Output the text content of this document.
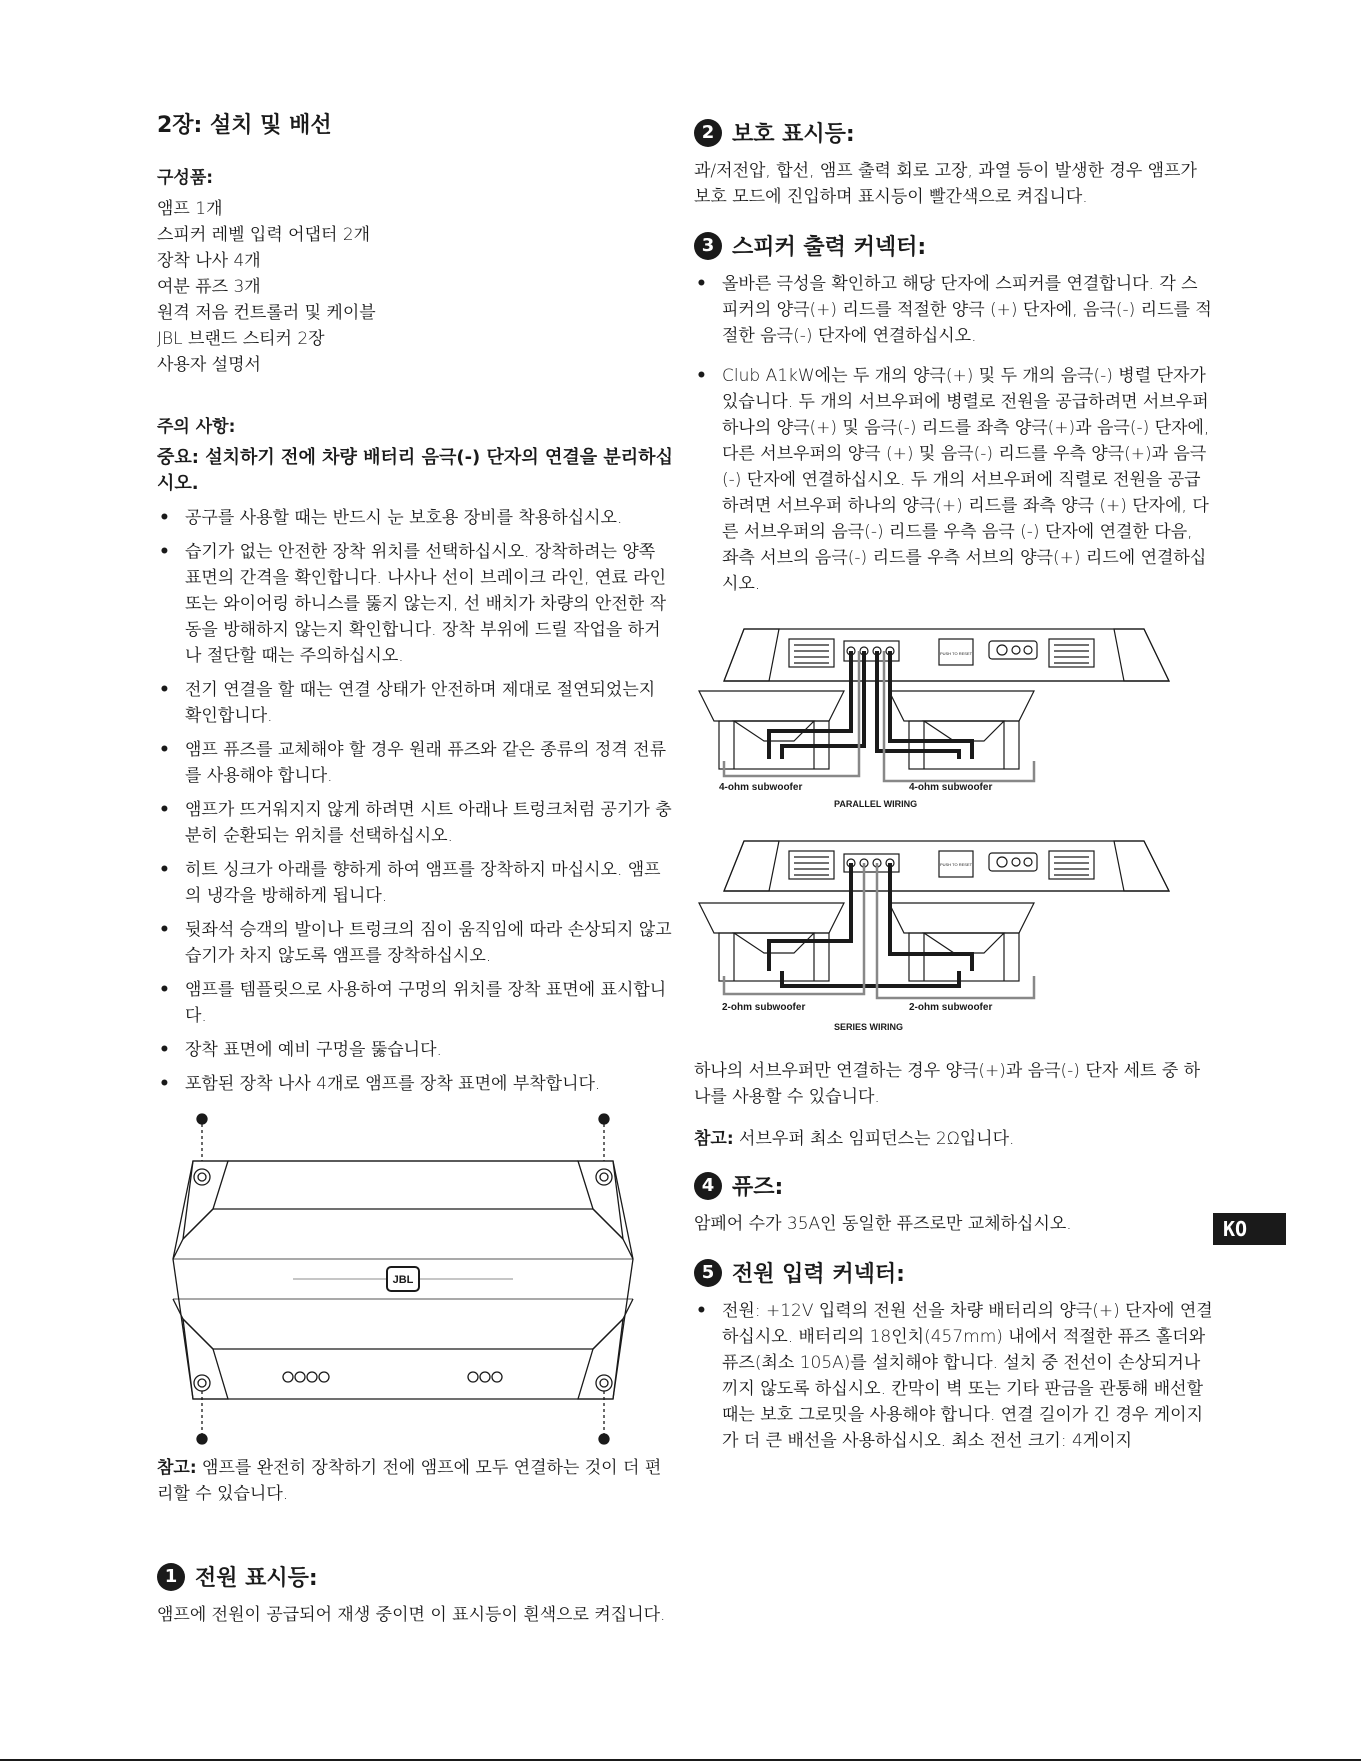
2장: 설치 및 배선
구성품:
앰프 1개
스피커 레벨 입력 어댑터 2개
장착 나사 4개
여분 퓨즈 3개
원격 저음 컨트롤러 및 케이블
JBL 브랜드 스티커 2장
사용자 설명서
주의 사항:

중요: 설치하기 전에 차량 배터리 음극(-) 단자의 연결을 분리하십시오.

• 공구를 사용할 때는 반드시 눈 보호용 장비를 착용하십시오.
• 습기가 없는 안전한 장착 위치를 선택하십시오. 장착하려는 양쪽 표면의 간격을 확인합니다. 나사나 선이 브레이크 라인, 연료 라인 또는 와이어링 하니스를 뚫지 않는지, 선 배치가 차량의 안전한 작동을 방해하지 않는지 확인합니다. 장착 부위에 드릴 작업을 하거나 절단할 때는 주의하십시오.
• 전기 연결을 할 때는 연결 상태가 안전하며 제대로 절연되었는지 확인합니다.
• 앰프 퓨즈를 교체해야 할 경우 원래 퓨즈와 같은 종류의 정격 전류를 사용해야 합니다.
• 앰프가 뜨거워지지 않게 하려면 시트 아래나 트렁크처럼 공기가 충분히 순환되는 위치를 선택하십시오.
• 히트 싱크가 아래를 향하게 하여 앰프를 장착하지 마십시오. 앰프의 냉각을 방해하게 됩니다.
• 뒷좌석 승객의 발이나 트렁크의 짐이 움직임에 따라 손상되지 않고 습기가 차지 않도록 앰프를 장착하십시오.
• 앰프를 템플릿으로 사용하여 구멍의 위치를 장착 표면에 표시합니다.
• 장착 표면에 예비 구멍을 뚫습니다.
• 포함된 장착 나사 4개로 앰프를 장착 표면에 부착합니다.
JBL

참고: 앰프를 완전히 장착하기 전에 앰프에 모두 연결하는 것이 더 편리할 수 있습니다.

1 전원 표시등:

앰프에 전원이 공급되어 재생 중이면 이 표시등이 흰색으로 켜집니다.

2 보호 표시등:

과/저전압, 합선, 앰프 출력 회로 고장, 과열 등이 발생한 경우 앰프가 보호 모드에 진입하며 표시등이 빨간색으로 켜집니다.

3 스피커 출력 커넥터:
• 올바른 극성을 확인하고 해당 단자에 스피커를 연결합니다. 각 스피커의 양극(+) 리드를 적절한 양극 (+) 단자에, 음극(-) 리드를 적절한 음극(-) 단자에 연결하십시오.
• Club A1kW에는 두 개의 양극(+) 및 두 개의 음극(-) 병렬 단자가 있습니다. 두 개의 서브우퍼에 병렬로 전원을 공급하려면 서브우퍼 하나의 양극(+) 및 음극(-) 리드를 좌측 양극(+)과 음극(-) 단자에, 다른 서브우퍼의 양극 (+) 및 음극(-) 리드를 우측 양극(+)과 음극(-) 단자에 연결하십시오. 두 개의 서브우퍼에 직렬로 전원을 공급하려면 서브우퍼 하나의 양극(+) 리드를 좌측 양극 (+) 단자에, 다른 서브우퍼의 음극(-) 리드를 우측 음극 (-) 단자에 연결한 다음, 좌측 서브의 음극(-) 리드를 우측 서브의 양극(+) 리드에 연결하십시오.
4-ohm subwoofer	4-ohm subwoofer
PARALLEL WIRING
PUSH TO RESET
2-ohm subwoofer	2-ohm subwoofer
SERIES WIRING
PUSH TO RESET

하나의 서브우퍼만 연결하는 경우 양극(+)과 음극(-) 단자 세트 중 하나를 사용할 수 있습니다.

참고: 서브우퍼 최소 임피던스는 2Ω입니다.

4 퓨즈:

암페어 수가 35A인 동일한 퓨즈로만 교체하십시오.

5 전원 입력 커넥터:
• 전원: +12V 입력의 전원 선을 차량 배터리의 양극(+) 단자에 연결하십시오. 배터리의 18인치(457mm) 내에서 적절한 퓨즈 홀더와 퓨즈(최소 105A)를 설치해야 합니다. 설치 중 전선이 손상되거나 끼지 않도록 하십시오. 칸막이 벽 또는 기타 판금을 관통해 배선할 때는 보호 그로밋을 사용해야 합니다. 연결 길이가 긴 경우 게이지가 더 큰 배선을 사용하십시오. 최소 전선 크기: 4게이지
KO
